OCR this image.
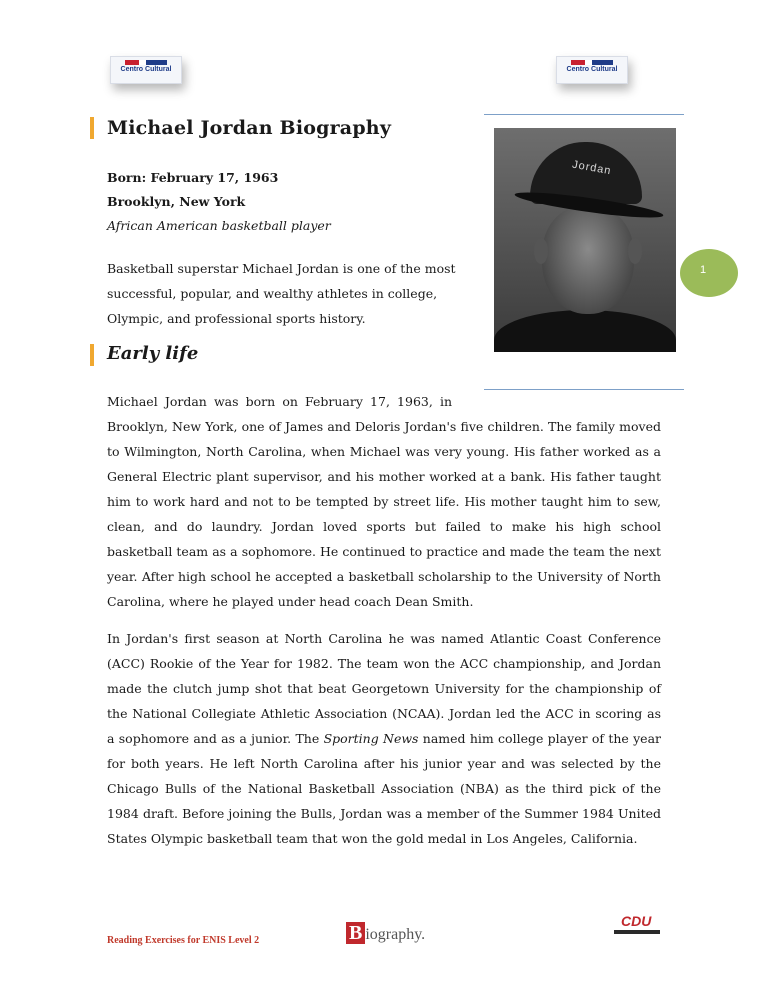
Centro Cultural	Centro Cultural
Michael Jordan Biography
Born: February 17, 1963
Brooklyn, New York
African American basketball player
Basketball superstar Michael Jordan is one of the most successful, popular, and wealthy athletes in college, Olympic, and professional sports history.
Jordan
1
Early life
Michael Jordan was born on February 17, 1963, in
Brooklyn, New York, one of James and Deloris Jordan's five children. The family moved to Wilmington, North Carolina, when Michael was very young. His father worked as a General Electric plant supervisor, and his mother worked at a bank. His father taught him to work hard and not to be tempted by street life. His mother taught him to sew, clean, and do laundry. Jordan loved sports but failed to make his high school basketball team as a sophomore. He continued to practice and made the team the next year. After high school he accepted a basketball scholarship to the University of North Carolina, where he played under head coach Dean Smith.
In Jordan's first season at North Carolina he was named Atlantic Coast Conference (ACC) Rookie of the Year for 1982. The team won the ACC championship, and Jordan made the clutch jump shot that beat Georgetown University for the championship of the National Collegiate Athletic Association (NCAA). Jordan led the ACC in scoring as a sophomore and as a junior. The Sporting News named him college player of the year for both years. He left North Carolina after his junior year and was selected by the Chicago Bulls of the National Basketball Association (NBA) as the third pick of the 1984 draft. Before joining the Bulls, Jordan was a member of the Summer 1984 United States Olympic basketball team that won the gold medal in Los Angeles, California.
Reading Exercises for ENIS Level 2	B iography.
CDU
